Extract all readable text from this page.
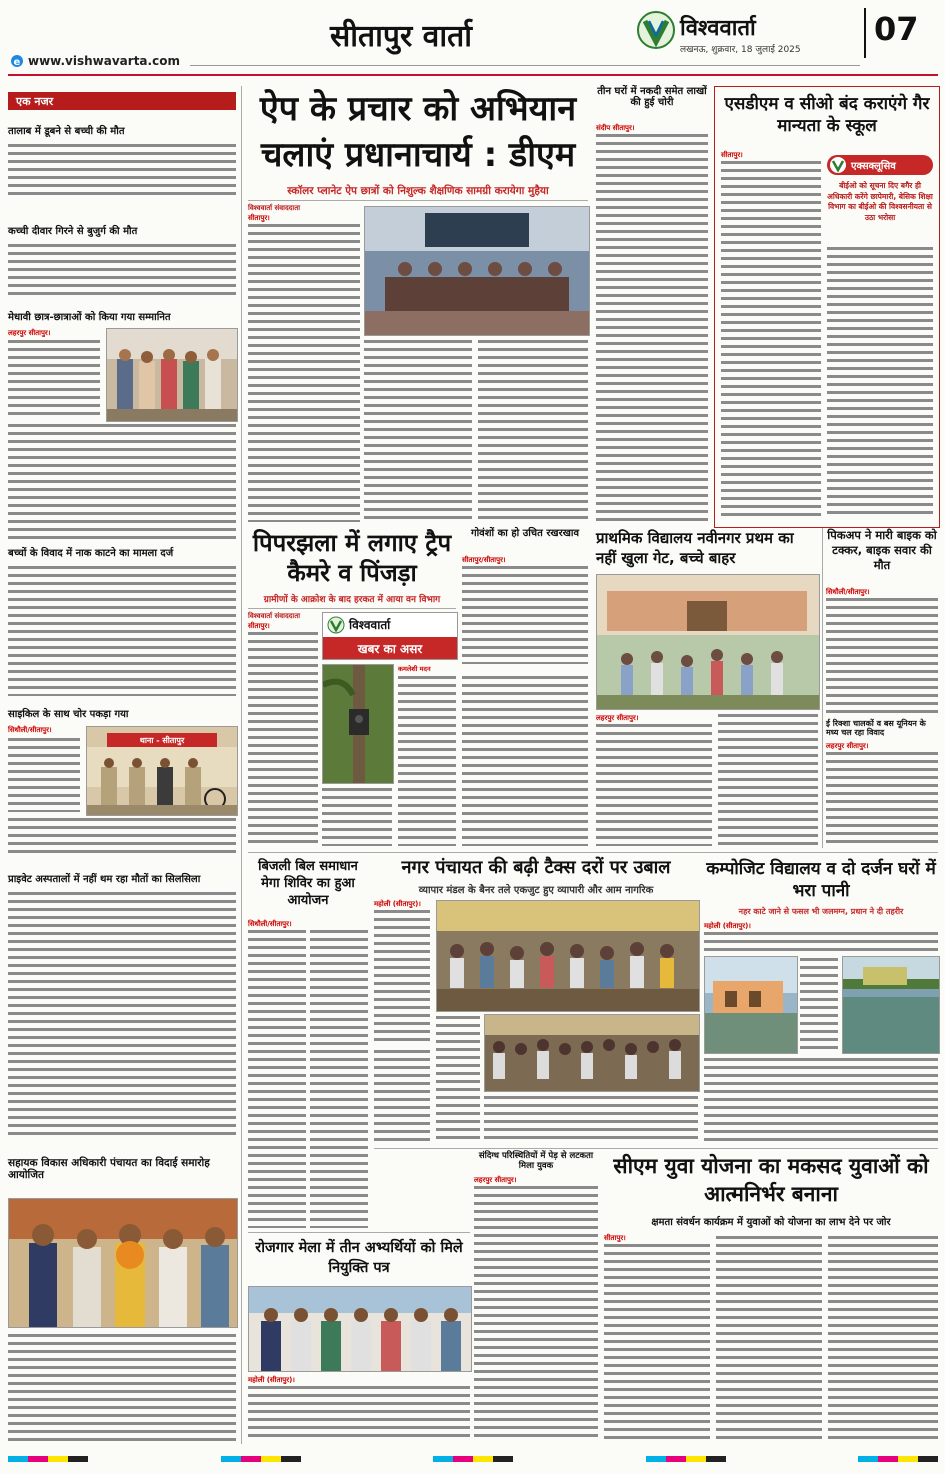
सीतापुर वार्ता	विश्ववार्ता
लखनऊ, शुक्रवार, 18 जुलाई 2025
07
e www.vishwavarta.com
एक नजर
तालाब में डूबने से बच्ची की मौत
कच्ची दीवार गिरने से बुजुर्ग की मौत
मेधावी छात्र-छात्राओं को किया गया सम्मानित
लहरपुर सीतापुर।
बच्चों के विवाद में नाक काटने का मामला दर्ज
साइकिल के साथ चोर पकड़ा गया
सिधौली/सीतापुर।
थाना - सीतापुर
प्राइवेट अस्पतालों में नहीं थम रहा मौतों का सिलसिला
सहायक विकास अधिकारी पंचायत का विदाई समारोह आयोजित
ऐप के प्रचार को अभियान चलाएं प्रधानाचार्य : डीएम
स्कॉलर प्लानेट ऐप छात्रों को निशुल्क शैक्षणिक सामग्री करायेगा मुहैया
विश्ववार्ता संवाददाता
सीतापुर।
पिपरझला में लगाए ट्रैप कैमरे व पिंजड़ा
ग्रामीणों के आक्रोश के बाद हरकत में आया वन विभाग
विश्ववार्ता संवाददाता
सीतापुर।	विश्ववार्ता
खबर का असर
कमलेशी मदन
तीन घरों में नकदी समेत लाखों की हुई चोरी
संदीप सीतापुर।
एसडीएम व सीओ बंद कराएंगे गैर मान्यता के स्कूल
सीतापुर।
एक्सक्लूसिव
बीईओ को सूचना दिए बगैर ही अधिकारी करेंगे छापेमारी, बेसिक शिक्षा विभाग का बीईओ की विश्वसनीयता से उठा भरोसा
गोवंशों का हो उचित रखरखाव
सीतापुर/सीतापुर।
प्राथमिक विद्यालय नवीनगर प्रथम का नहीं खुला गेट, बच्चे बाहर
लहरपुर सीतापुर।
पिकअप ने मारी बाइक को टक्कर, बाइक सवार की मौत
सिधौली/सीतापुर।
ई रिक्शा चालकों व बस यूनियन के मध्य चल रहा विवाद
लहरपुर सीतापुर।
बिजली बिल समाधान मेगा शिविर का हुआ आयोजन
सिधौली/सीतापुर।
नगर पंचायत की बढ़ी टैक्स दरों पर उबाल
व्यापार मंडल के बैनर तले एकजुट हुए व्यापारी और आम नागरिक
महोली (सीतापुर)।
कम्पोजिट विद्यालय व दो दर्जन घरों में भरा पानी
नहर काटे जाने से फसल भी जलमग्न, प्रधान ने दी तहरीर
महोली (सीतापुर)।
संदिग्ध परिस्थितियों में पेड़ से लटकता मिला युवक
लहरपुर सीतापुर।
रोजगार मेला में तीन अभ्यर्थियों को मिले नियुक्ति पत्र
महोली (सीतापुर)।
सीएम युवा योजना का मकसद युवाओं को आत्मनिर्भर बनाना
क्षमता संवर्धन कार्यक्रम में युवाओं को योजना का लाभ देने पर जोर
सीतापुर।
